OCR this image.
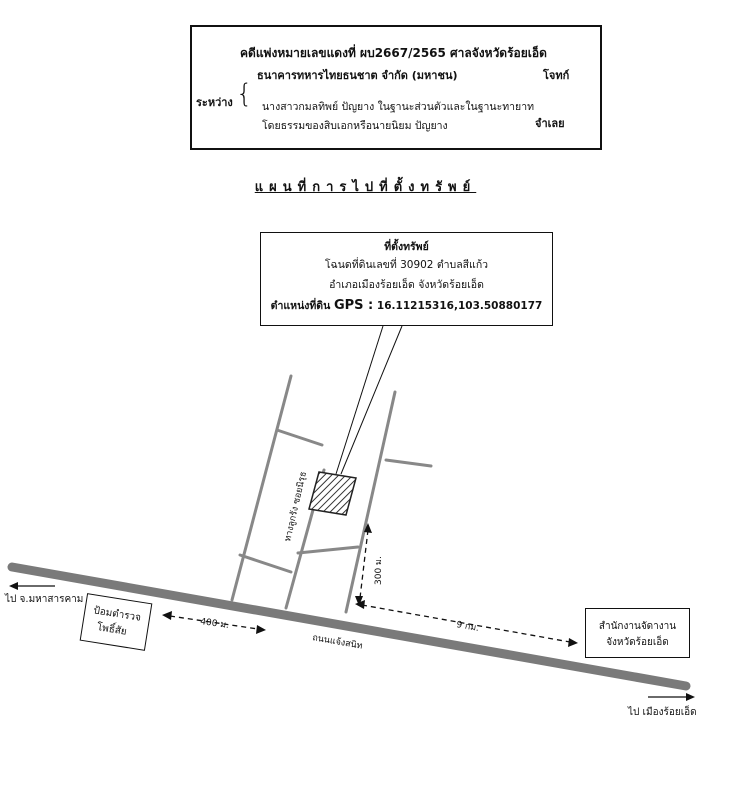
คดีแพ่งหมายเลขแดงที่ ผบ2667/2565 ศาลจังหวัดร้อยเอ็ด
ระหว่าง {
ธนาคารทหารไทยธนชาต จำกัด (มหาชน)	โจทก์
นางสาวกมลทิพย์ ปัญยาง ในฐานะส่วนตัวและในฐานะทายาท
โดยธรรมของสิบเอกหรือนายนิยม ปัญยาง	จำเลย
แผนที่การไปที่ตั้งทรัพย์
ทางลูกรัง ซอยนิรุธ
300 ม.
ถนนแจ้งสนิท
400 ม.	9 กม.
ที่ตั้งทรัพย์
โฉนดที่ดินเลขที่ 30902 ตำบลสีแก้ว
อำเภอเมืองร้อยเอ็ด จังหวัดร้อยเอ็ด
ตำแหน่งที่ดิน GPS : 16.11215316,103.50880177
ป้อมตำรวจ
โพธิ์สัย	สำนักงานจัดางาน
จังหวัดร้อยเอ็ด
ไป จ.มหาสารคาม
ไป เมืองร้อยเอ็ด
